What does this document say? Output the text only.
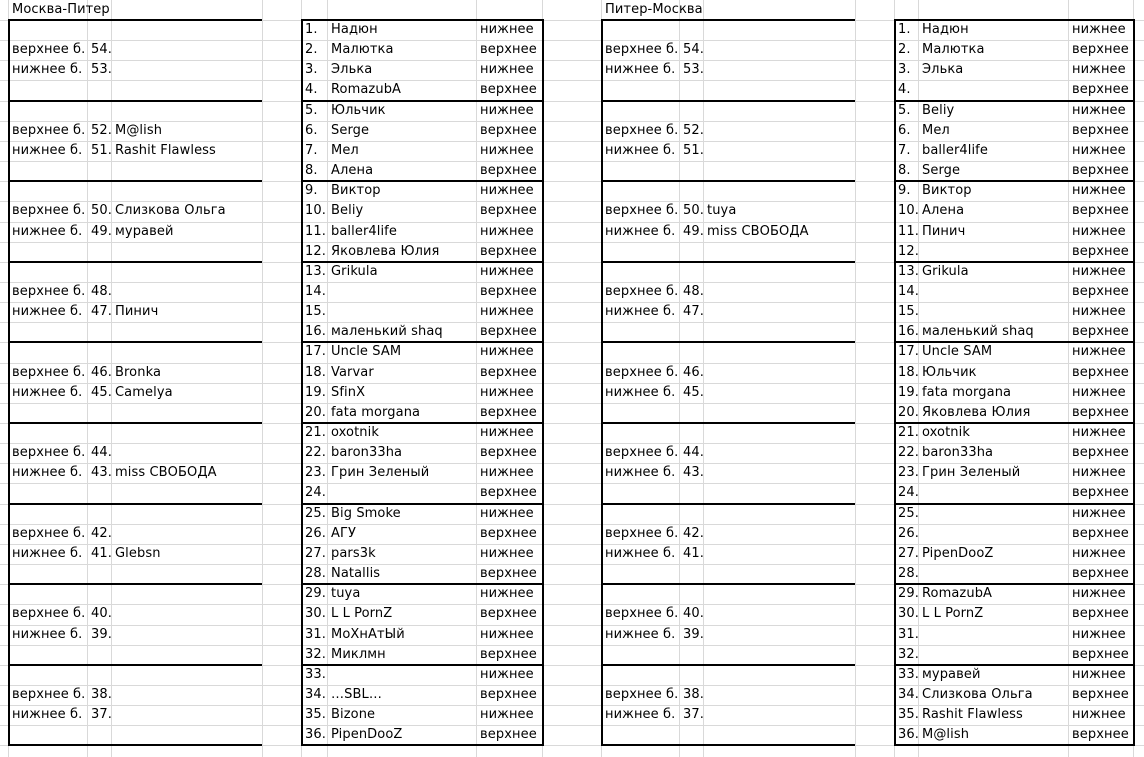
Москва-Питер
верхнее б. 54.
нижнее б. 53.
верхнее б. 52. M@lish
нижнее б. 51. Rashit Flawless
верхнее б. 50. Слизкова Ольга
нижнее б. 49. муравей
верхнее б. 48.
нижнее б. 47. Пинич
верхнее б. 46. Bronka
нижнее б. 45. Camelya
верхнее б. 44.
нижнее б. 43. miss СВОБОДА
верхнее б. 42.
нижнее б. 41. Glebsn
верхнее б. 40.
нижнее б. 39.
верхнее б. 38.
нижнее б. 37.
1. Надюн	нижнее
2. Малютка	верхнее
3. Элька	нижнее
4. RomazubA	верхнее
5. Юльчик	нижнее
6. Serge	верхнее
7. Мел	нижнее
8. Алена	верхнее
9. Виктор	нижнее
10. Beliy	верхнее
11. baller4life	нижнее
12. Яковлева Юлия	верхнее
13. Grikula	нижнее
14.	верхнее
15.	нижнее
16. маленький shaq	верхнее
17. Uncle SAM	нижнее
18. Varvar	верхнее
19. SfinX	нижнее
20. fata morgana	верхнее
21. oxotnik	нижнее
22. baron33ha	верхнее
23. Грин Зеленый	нижнее
24.	верхнее
25. Big Smoke	нижнее
26. АГУ	верхнее
27. pars3k	нижнее
28. Natallis	верхнее
29. tuya	нижнее
30. L L PornZ	верхнее
31. МоХнАтЫй	нижнее
32. Миклмн	верхнее
33.	нижнее
34. …SBL…	верхнее
35. Bizone	нижнее
36. PipenDooZ	верхнее
Питер-Москва
верхнее б. 54.
нижнее б. 53.
верхнее б. 52.
нижнее б. 51.
верхнее б. 50. tuya
нижнее б. 49. miss СВОБОДА
верхнее б. 48.
нижнее б. 47.
верхнее б. 46.
нижнее б. 45.
верхнее б. 44.
нижнее б. 43.
верхнее б. 42.
нижнее б. 41.
верхнее б. 40.
нижнее б. 39.
верхнее б. 38.
нижнее б. 37.
1. Надюн	нижнее
2. Малютка	верхнее
3. Элька	нижнее
4.	верхнее
5. Beliy	нижнее
6. Мел	верхнее
7. baller4life	нижнее
8. Serge	верхнее
9. Виктор	нижнее
10. Алена	верхнее
11. Пинич	нижнее
12.	верхнее
13. Grikula	нижнее
14.	верхнее
15.	нижнее
16. маленький shaq	верхнее
17. Uncle SAM	нижнее
18. Юльчик	верхнее
19. fata morgana	нижнее
20. Яковлева Юлия	верхнее
21. oxotnik	нижнее
22. baron33ha	верхнее
23. Грин Зеленый	нижнее
24.	верхнее
25.	нижнее
26.	верхнее
27. PipenDooZ	нижнее
28.	верхнее
29. RomazubA	нижнее
30. L L PornZ	верхнее
31.	нижнее
32.	верхнее
33. муравей	нижнее
34. Слизкова Ольга	верхнее
35. Rashit Flawless	нижнее
36. M@lish	верхнее
